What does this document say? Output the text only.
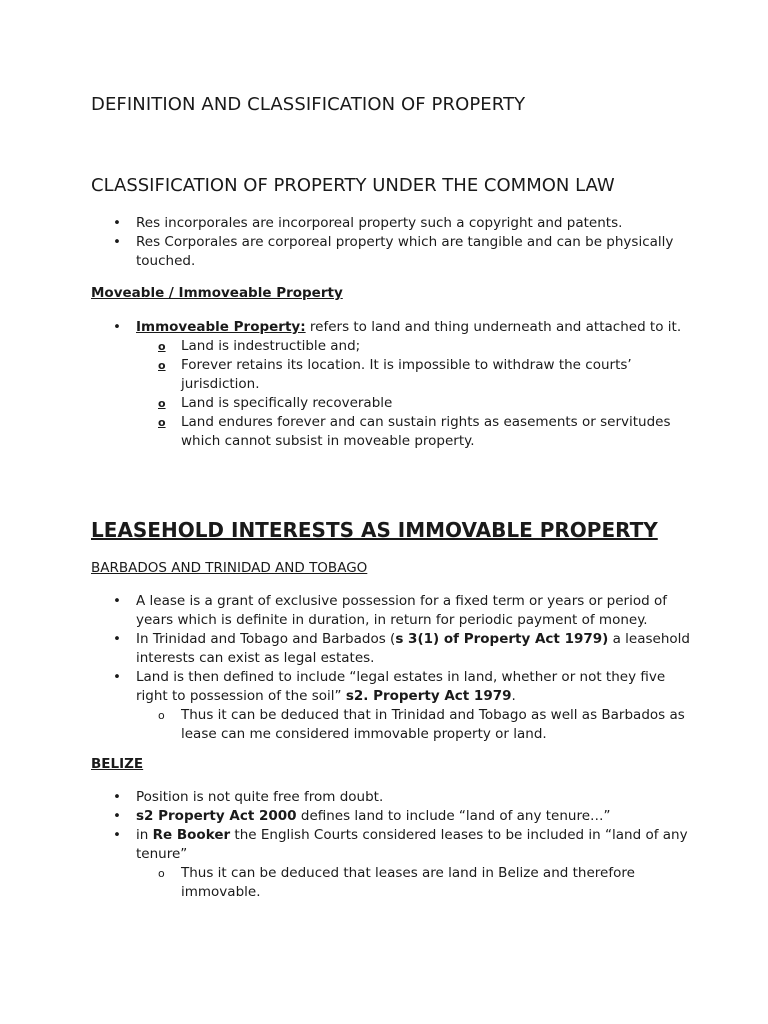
DEFINITION AND CLASSIFICATION OF PROPERTY
CLASSIFICATION OF PROPERTY UNDER THE COMMON LAW
• Res incorporales are incorporeal property such a copyright and patents.
• Res Corporales are corporeal property which are tangible and can be physically touched.
Moveable / Immoveable Property
• Immoveable Property: refers to land and thing underneath and attached to it.
o Land is indestructible and;
o Forever retains its location. It is impossible to withdraw the courts’ jurisdiction.
o Land is specifically recoverable
o Land endures forever and can sustain rights as easements or servitudes which cannot subsist in moveable property.
LEASEHOLD INTERESTS AS IMMOVABLE PROPERTY
BARBADOS AND TRINIDAD AND TOBAGO
• A lease is a grant of exclusive possession for a fixed term or years or period of years which is definite in duration, in return for periodic payment of money.
• In Trinidad and Tobago and Barbados (s 3(1) of Property Act 1979) a leasehold interests can exist as legal estates.
• Land is then defined to include “legal estates in land, whether or not they five right to possession of the soil” s2. Property Act 1979.
o Thus it can be deduced that in Trinidad and Tobago as well as Barbados as lease can me considered immovable property or land.
BELIZE
• Position is not quite free from doubt.
• s2 Property Act 2000 defines land to include “land of any tenure…”
• in Re Booker the English Courts considered leases to be included in “land of any tenure”
o Thus it can be deduced that leases are land in Belize and therefore immovable.
